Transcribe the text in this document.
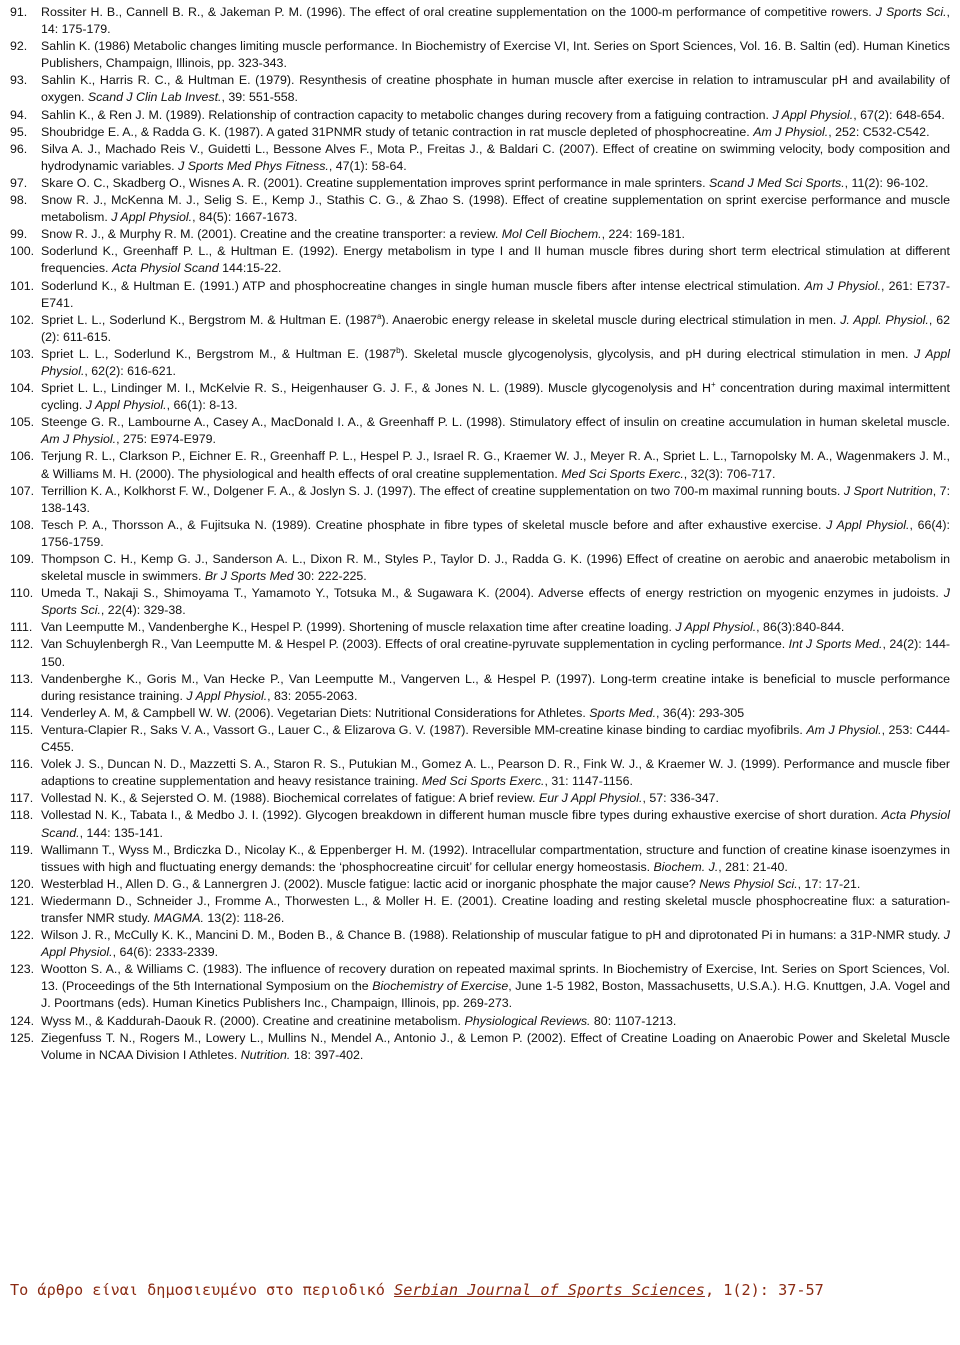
91.	Rossiter H. B., Cannell B. R., & Jakeman P. M. (1996). The effect of oral creatine supplementation on the 1000-m performance of competitive rowers. J Sports Sci., 14: 175-179.
92.	Sahlin K. (1986) Metabolic changes limiting muscle performance. In Biochemistry of Exercise VI, Int. Series on Sport Sciences, Vol. 16. B. Saltin (ed). Human Kinetics Publishers, Champaign, Illinois, pp. 323-343.
93.	Sahlin K., Harris R. C., & Hultman E. (1979). Resynthesis of creatine phosphate in human muscle after exercise in relation to intramuscular pH and availability of oxygen. Scand J Clin Lab Invest., 39: 551-558.
94.	Sahlin K., & Ren J. M. (1989). Relationship of contraction capacity to metabolic changes during recovery from a fatiguing contraction. J Appl Physiol., 67(2): 648-654.
95.	Shoubridge E. A., & Radda G. K. (1987). A gated 31PNMR study of tetanic contraction in rat muscle depleted of phosphocreatine. Am J Physiol., 252: C532-C542.
96.	Silva A. J., Machado Reis V., Guidetti L., Bessone Alves F., Mota P., Freitas J., & Baldari C. (2007). Effect of creatine on swimming velocity, body composition and hydrodynamic variables. J Sports Med Phys Fitness., 47(1): 58-64.
97.	Skare O. C., Skadberg O., Wisnes A. R. (2001). Creatine supplementation improves sprint performance in male sprinters. Scand J Med Sci Sports., 11(2): 96-102.
98.	Snow R. J., McKenna M. J., Selig S. E., Kemp J., Stathis C. G., & Zhao S. (1998). Effect of creatine supplementation on sprint exercise performance and muscle metabolism. J Appl Physiol., 84(5): 1667-1673.
99.	Snow R. J., & Murphy R. M. (2001). Creatine and the creatine transporter: a review. Mol Cell Biochem., 224: 169-181.
100. Soderlund K., Greenhaff P. L., & Hultman E. (1992). Energy metabolism in type I and II human muscle fibres during short term electrical stimulation at different frequencies. Acta Physiol Scand 144:15-22.
101. Soderlund K., & Hultman E. (1991.) ATP and phosphocreatine changes in single human muscle fibers after intense electrical stimulation. Am J Physiol., 261: E737-E741.
102. Spriet L. L., Soderlund K., Bergstrom M. & Hultman E. (1987$^a$). Anaerobic energy release in skeletal muscle during electrical stimulation in men. J. Appl. Physiol., 62 (2): 611-615.
103. Spriet L. L., Soderlund K., Bergstrom M., & Hultman E. (1987$^b$). Skeletal muscle glycogenolysis, glycolysis, and pH during electrical stimulation in men. J Appl Physiol., 62(2): 616-621.
104. Spriet L. L., Lindinger M. I., McKelvie R. S., Heigenhauser G. J. F., & Jones N. L. (1989). Muscle glycogenolysis and H+ concentration during maximal intermittent cycling. J Appl Physiol., 66(1): 8-13.
105. Steenge G. R., Lambourne A., Casey A., MacDonald I. A., & Greenhaff P. L. (1998). Stimulatory effect of insulin on creatine accumulation in human skeletal muscle. Am J Physiol., 275: E974-E979.
106. Terjung R. L., Clarkson P., Eichner E. R., Greenhaff P. L., Hespel P. J., Israel R. G., Kraemer W. J., Meyer R. A., Spriet L. L., Tarnopolsky M. A., Wagenmakers J. M., & Williams M. H. (2000). The physiological and health effects of oral creatine supplementation. Med Sci Sports Exerc., 32(3): 706-717.
107. Terrillion K. A., Kolkhorst F. W., Dolgener F. A., & Joslyn S. J. (1997). The effect of creatine supplementation on two 700-m maximal running bouts. J Sport Nutrition, 7: 138-143.
108. Tesch P. A., Thorsson A., & Fujitsuka N. (1989). Creatine phosphate in fibre types of skeletal muscle before and after exhaustive exercise. J Appl Physiol., 66(4): 1756-1759.
109. Thompson C. H., Kemp G. J., Sanderson A. L., Dixon R. M., Styles P., Taylor D. J., Radda G. K. (1996) Effect of creatine on aerobic and anaerobic metabolism in skeletal muscle in swimmers. Br J Sports Med 30: 222-225.
110. Umeda T., Nakaji S., Shimoyama T., Yamamoto Y., Totsuka M., & Sugawara K. (2004). Adverse effects of energy restriction on myogenic enzymes in judoists. J Sports Sci., 22(4): 329-38.
111. Van Leemputte M., Vandenberghe K., Hespel P. (1999). Shortening of muscle relaxation time after creatine loading. J Appl Physiol., 86(3):840-844.
112. Van Schuylenbergh R., Van Leemputte M. & Hespel P. (2003). Effects of oral creatine-pyruvate supplementation in cycling performance. Int J Sports Med., 24(2): 144-150.
113. Vandenberghe K., Goris M., Van Hecke P., Van Leemputte M., Vangerven L., & Hespel P. (1997). Long-term creatine intake is beneficial to muscle performance during resistance training. J Appl Physiol., 83: 2055-2063.
114. Venderley A. M, & Campbell W. W. (2006). Vegetarian Diets: Nutritional Considerations for Athletes. Sports Med., 36(4): 293-305
115. Ventura-Clapier R., Saks V. A., Vassort G., Lauer C., & Elizarova G. V. (1987). Reversible MM-creatine kinase binding to cardiac myofibrils. Am J Physiol., 253: C444-C455.
116. Volek J. S., Duncan N. D., Mazzetti S. A., Staron R. S., Putukian M., Gomez A. L., Pearson D. R., Fink W. J., & Kraemer W. J. (1999). Performance and muscle fiber adaptions to creatine supplementation and heavy resistance training. Med Sci Sports Exerc., 31: 1147-1156.
117. Vollestad N. K., & Sejersted O. M. (1988). Biochemical correlates of fatigue: A brief review. Eur J Appl Physiol., 57: 336-347.
118. Vollestad N. K., Tabata I., & Medbo J. I. (1992). Glycogen breakdown in different human muscle fibre types during exhaustive exercise of short duration. Acta Physiol Scand., 144: 135-141.
119. Wallimann T., Wyss M., Brdiczka D., Nicolay K., & Eppenberger H. M. (1992). Intracellular compartmentation, structure and function of creatine kinase isoenzymes in tissues with high and fluctuating energy demands: the ‘phosphocreatine circuit’ for cellular energy homeostasis. Biochem. J., 281: 21-40.
120. Westerblad H., Allen D. G., & Lannergren J. (2002). Muscle fatigue: lactic acid or inorganic phosphate the major cause? News Physiol Sci., 17: 17-21.
121. Wiedermann D., Schneider J., Fromme A., Thorwesten L., & Moller H. E. (2001). Creatine loading and resting skeletal muscle phosphocreatine flux: a saturation-transfer NMR study. MAGMA. 13(2): 118-26.
122. Wilson J. R., McCully K. K., Mancini D. M., Boden B., & Chance B. (1988). Relationship of muscular fatigue to pH and diprotonated Pi in humans: a 31P-NMR study. J Appl Physiol., 64(6): 2333-2339.
123. Wootton S. A., & Williams C. (1983). The influence of recovery duration on repeated maximal sprints. In Biochemistry of Exercise, Int. Series on Sport Sciences, Vol. 13. (Proceedings of the 5th International Symposium on the Biochemistry of Exercise, June 1-5 1982, Boston, Massachusetts, U.S.A.). H.G. Knuttgen, J.A. Vogel and J. Poortmans (eds). Human Kinetics Publishers Inc., Champaign, Illinois, pp. 269-273.
124. Wyss M., & Kaddurah-Daouk R. (2000). Creatine and creatinine metabolism. Physiological Reviews. 80: 1107-1213.
125. Ziegenfuss T. N., Rogers M., Lowery L., Mullins N., Mendel A., Antonio J., & Lemon P. (2002). Effect of Creatine Loading on Anaerobic Power and Skeletal Muscle Volume in NCAA Division I Athletes. Nutrition. 18: 397-402.
Το άρθρο είναι δημοσιευμένο στο περιοδικό Serbian Journal of Sports Sciences, 1(2): 37-57
